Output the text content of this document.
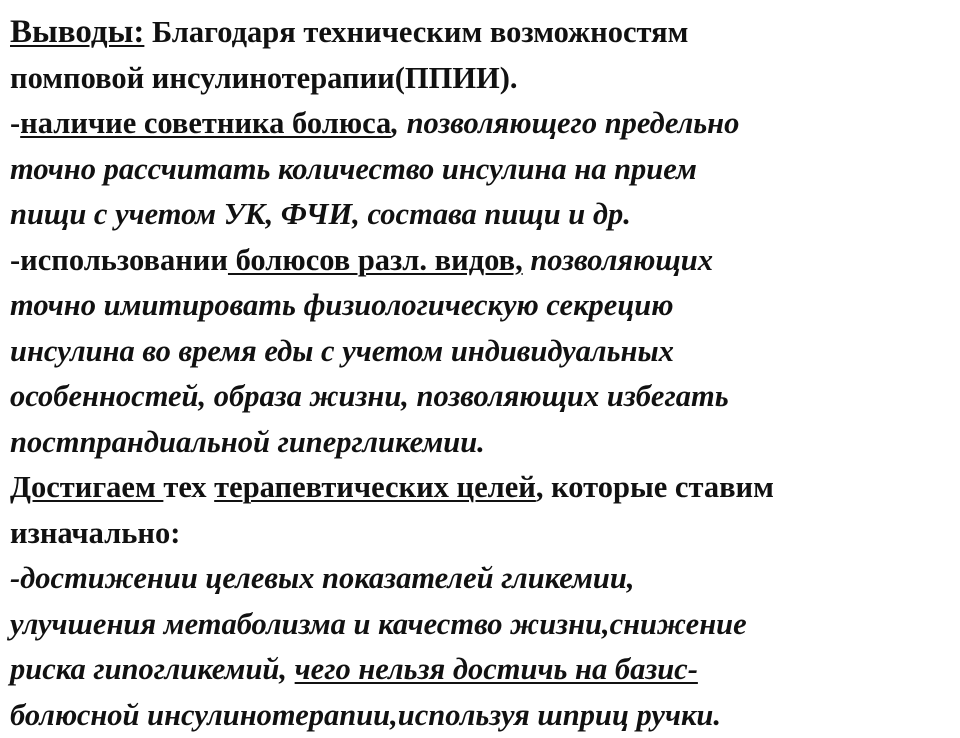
Выводы: Благодаря техническим возможностям
помповой инсулинотерапии(ППИИ).
-наличие советника болюса, позволяющего предельно
точно рассчитать количество инсулина на прием
пищи с учетом УК, ФЧИ, состава пищи и др.
-использовании болюсов разл. видов, позволяющих
точно имитировать физиологическую секрецию
инсулина во время еды с учетом индивидуальных
особенностей, образа жизни, позволяющих избегать
постпрандиальной гипергликемии.
Достигаем тех терапевтических целей, которые ставим
изначально:
-достижении целевых показателей гликемии,
улучшения метаболизма и качество жизни,снижение
риска гипогликемий, чего нельзя достичь на базис-
болюсной инсулинотерапии,используя шприц ручки.
